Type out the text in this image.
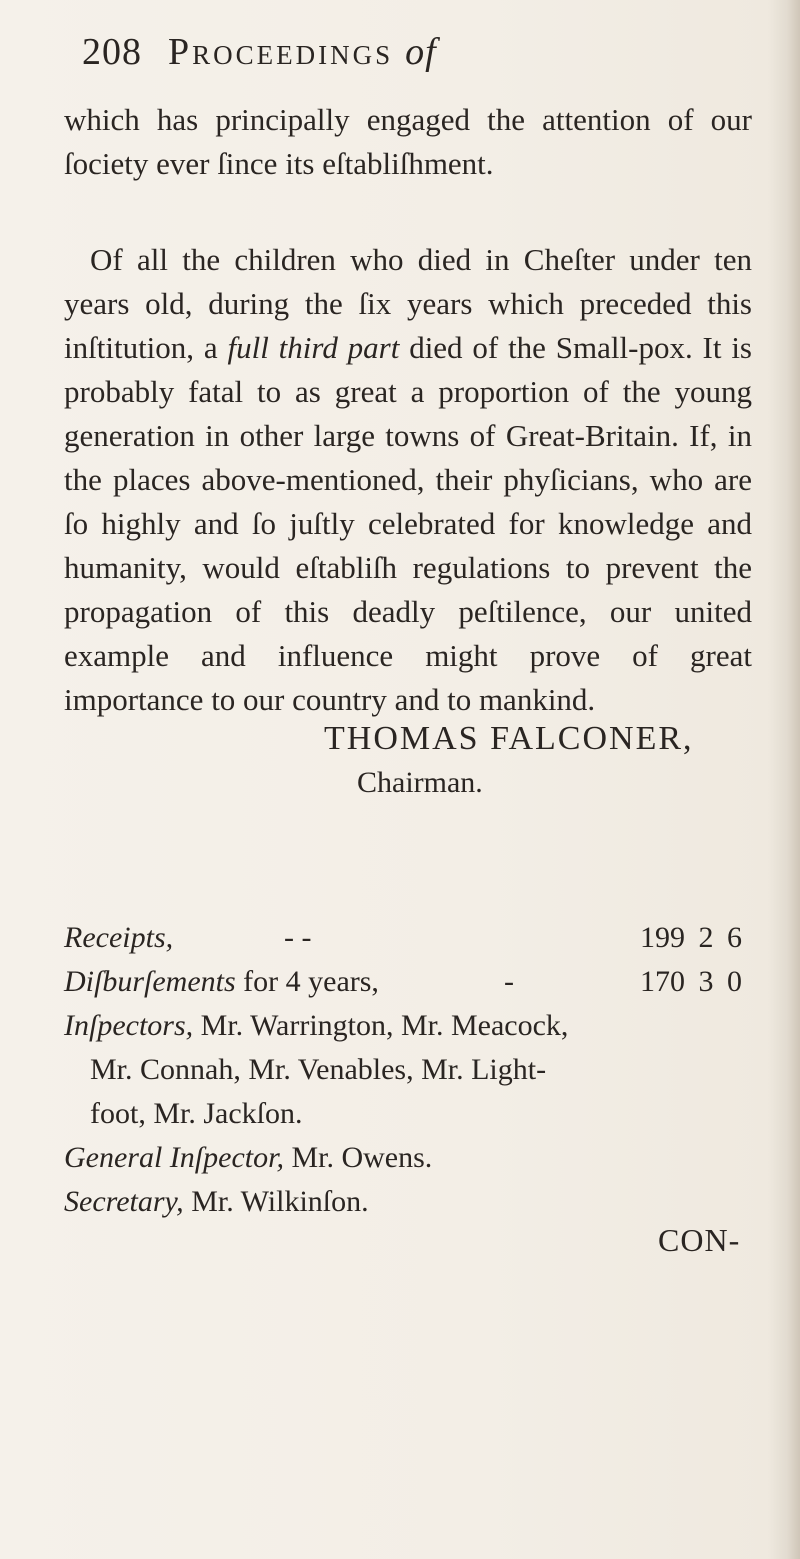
208 Proceedings of
which has principally engaged the attention of our ſociety ever ſince its eſtabliſhment.
Of all the children who died in Cheſter under ten years old, during the ſix years which preceded this inſtitution, a full third part died of the Small-pox. It is probably fatal to as great a proportion of the young generation in other large towns of Great-Britain. If, in the places above-mentioned, their phyſicians, who are ſo highly and ſo juſtly celebrated for knowledge and humanity, would eſtabliſh regulations to prevent the propagation of this deadly peſtilence, our united example and influence might prove of great importance to our country and to mankind.
THOMAS FALCONER,
Chairman.
Receipts,	- -	199 2 6
Diſburſements for 4 years,	-	170 3 0
Inſpectors, Mr. Warrington, Mr. Meacock,
Mr. Connah, Mr. Venables, Mr. Light-
foot, Mr. Jackſon.
General Inſpector, Mr. Owens.
Secretary, Mr. Wilkinſon.
CON-
